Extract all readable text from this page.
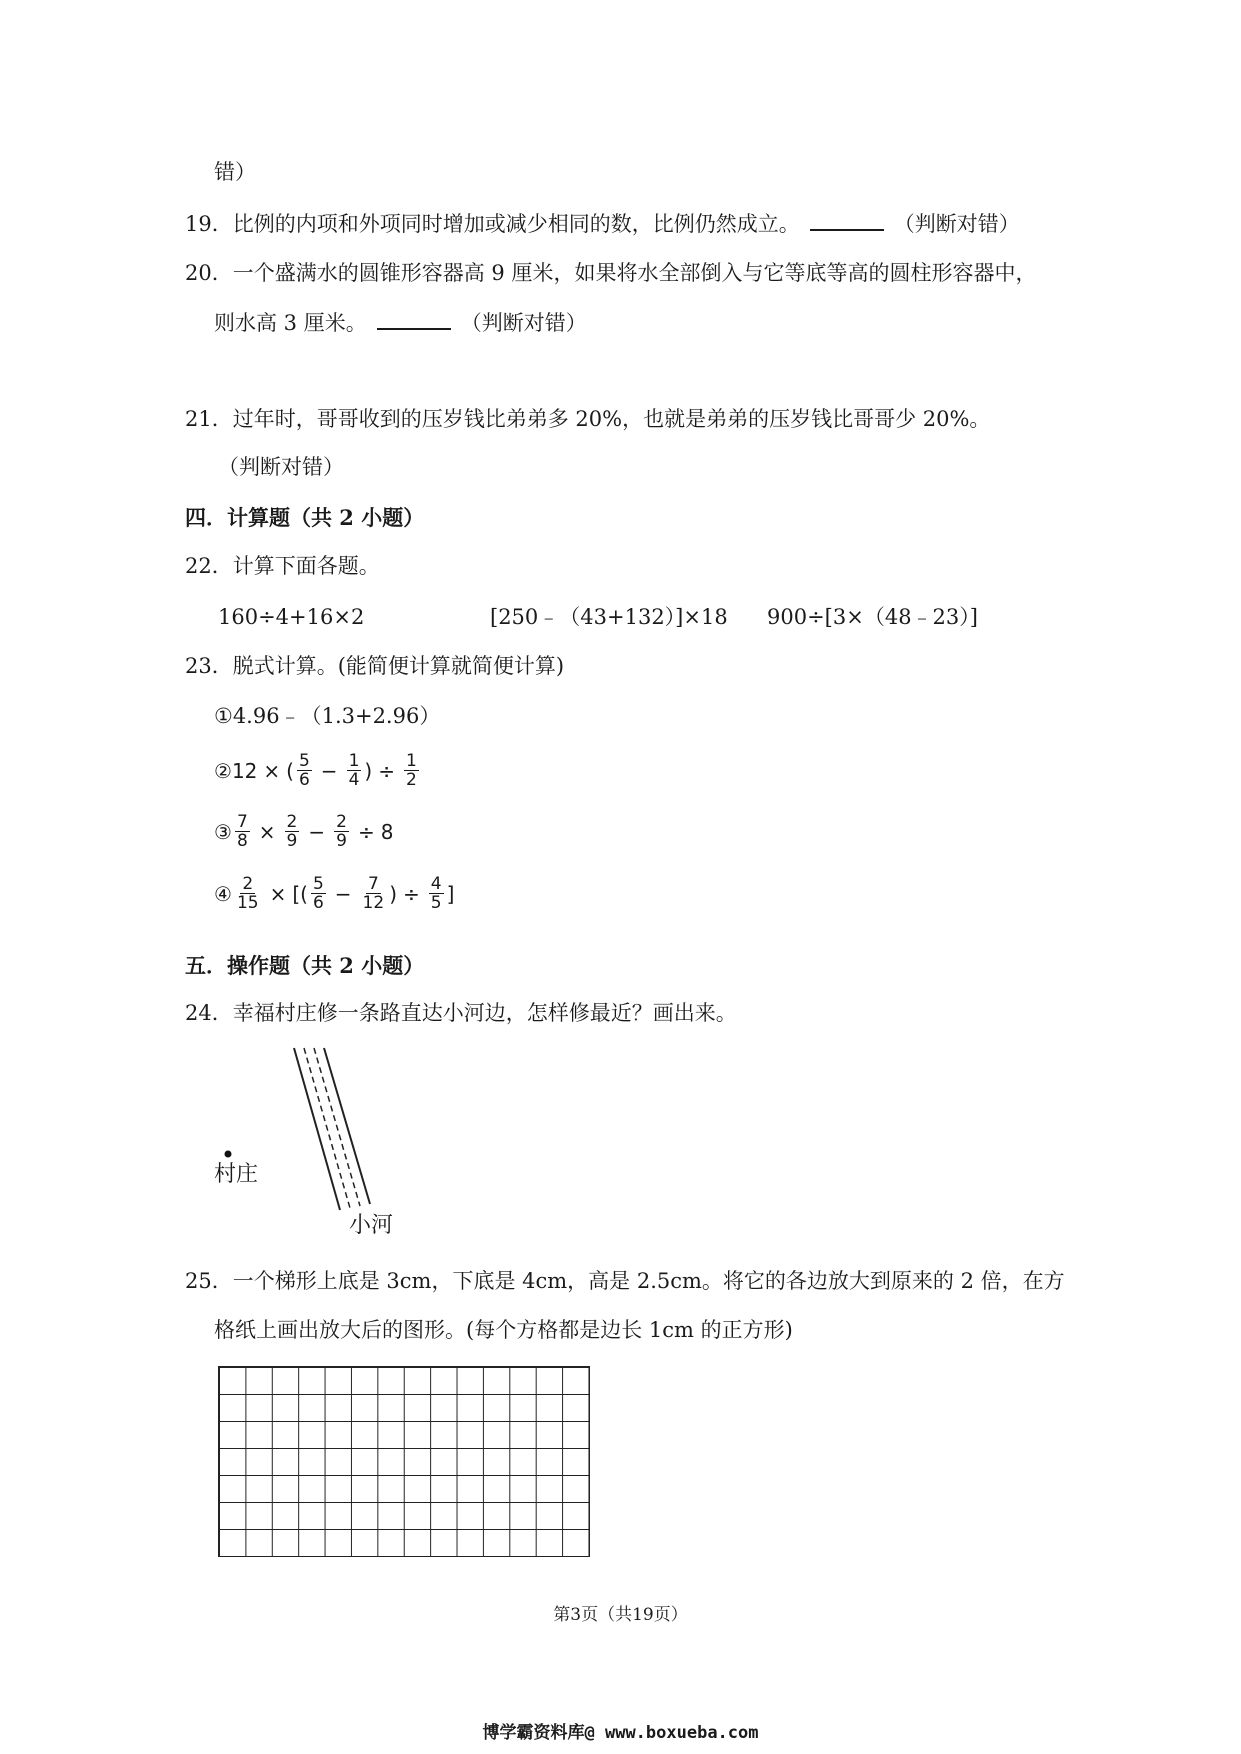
错）
19．比例的内项和外项同时增加或减少相同的数，比例仍然成立。	（判断对错）
20．一个盛满水的圆锥形容器高 9 厘米，如果将水全部倒入与它等底等高的圆柱形容器中，
则水高 3 厘米。	（判断对错）
21．过年时，哥哥收到的压岁钱比弟弟多 20%，也就是弟弟的压岁钱比哥哥少 20%。
（判断对错）
四．计算题（共 2 小题）
22．计算下面各题。
160÷4+16×2	[250﹣（43+132）]×18 900÷[3×（48﹣23）]
23．脱式计算。(能简便计算就简便计算)
①4.96﹣（1.3+2.96）
② 12 × ( $\frac{5}{6} - \frac{1}{4}$ ) ÷ $\frac{1}{2}$
③ $\frac{7}{8} \times \frac{2}{9} - \frac{2}{9} \div 8$
④ $\frac{2}{15}$ × [( $\frac{5}{6} - \frac{7}{12}$ ) ÷ $\frac{4}{5}$ ]
五．操作题（共 2 小题）
24．幸福村庄修一条路直达小河边，怎样修最近？画出来。
村庄
小河
25．一个梯形上底是 3cm，下底是 4cm，高是 2.5cm。将它的各边放大到原来的 2 倍，在方
格纸上画出放大后的图形。(每个方格都是边长 1cm 的正方形)
第3页（共19页）
博学霸资料库@ www.boxueba.com
